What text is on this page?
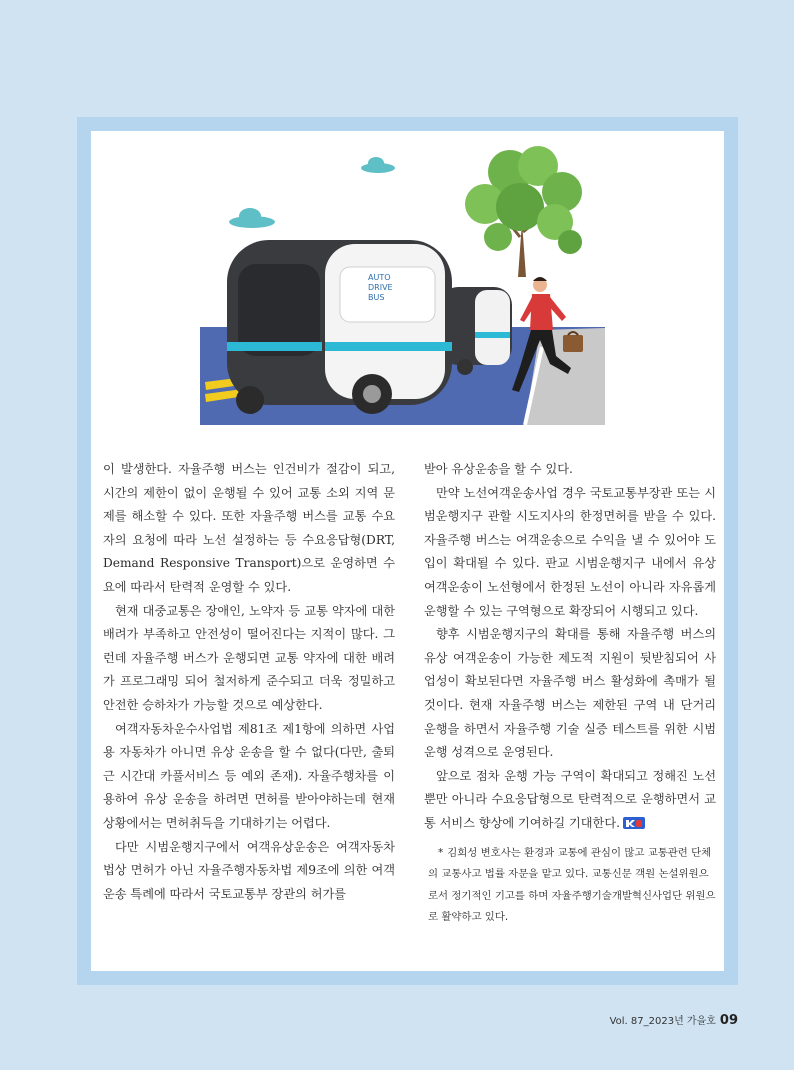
AUTO
DRIVE
BUS

이 발생한다. 자율주행 버스는 인건비가 절감이 되고, 시간의 제한이 없이 운행될 수 있어 교통 소외 지역 문제를 해소할 수 있다. 또한 자율주행 버스를 교통 수요자의 요청에 따라 노선 설정하는 등 수요응답형(DRT, Demand Responsive Transport)으로 운영하면 수요에 따라서 탄력적 운영할 수 있다.

현재 대중교통은 장애인, 노약자 등 교통 약자에 대한 배려가 부족하고 안전성이 떨어진다는 지적이 많다. 그런데 자율주행 버스가 운행되면 교통 약자에 대한 배려가 프로그래밍 되어 철저하게 준수되고 더욱 정밀하고 안전한 승하차가 가능할 것으로 예상한다.

여객자동차운수사업법 제81조 제1항에 의하면 사업용 자동차가 아니면 유상 운송을 할 수 없다(다만, 출퇴근 시간대 카풀서비스 등 예외 존재). 자율주행차를 이용하여 유상 운송을 하려면 면허를 받아야하는데 현재 상황에서는 면허취득을 기대하기는 어렵다.

다만 시범운행지구에서 여객유상운송은 여객자동차법상 면허가 아닌 자율주행자동차법 제9조에 의한 여객 운송 특례에 따라서 국토교통부 장관의 허가를

받아 유상운송을 할 수 있다.

만약 노선여객운송사업 경우 국토교통부장관 또는 시범운행지구 관할 시도지사의 한정면허를 받을 수 있다. 자율주행 버스는 여객운송으로 수익을 낼 수 있어야 도입이 확대될 수 있다. 판교 시범운행지구 내에서 유상 여객운송이 노선형에서 한정된 노선이 아니라 자유롭게 운행할 수 있는 구역형으로 확장되어 시행되고 있다.

향후 시범운행지구의 확대를 통해 자율주행 버스의 유상 여객운송이 가능한 제도적 지원이 뒷받침되어 사업성이 확보된다면 자율주행 버스 활성화에 촉매가 될 것이다. 현재 자율주행 버스는 제한된 구역 내 단거리 운행을 하면서 자율주행 기술 실증 테스트를 위한 시범운행 성격으로 운영된다.

앞으로 점차 운행 가능 구역이 확대되고 정해진 노선뿐만 아니라 수요응답형으로 탄력적으로 운행하면서 교통 서비스 향상에 기여하길 기대한다.

* 김희성 변호사는 환경과 교통에 관심이 많고 교통관련 단체의 교통사고 법률 자문을 맡고 있다. 교통신문 객원 논설위원으로서 정기적인 기고를 하며 자율주행기술개발혁신사업단 위원으로 활약하고 있다.
Vol. 87_2023년 가을호 09
